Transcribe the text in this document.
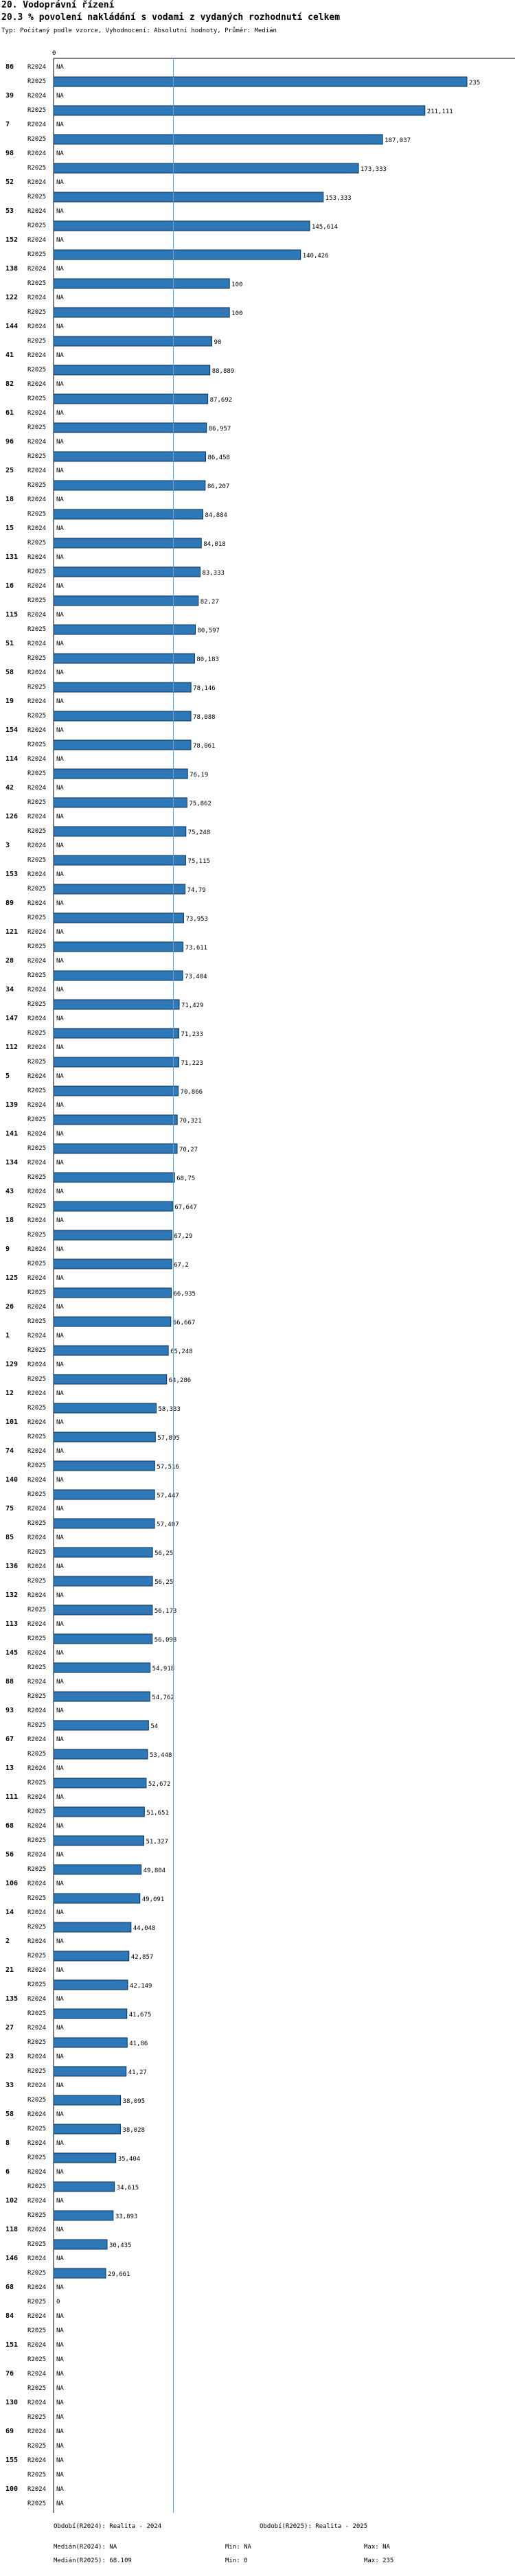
20. Vodoprávní řízení
20.3 % povolení nakládání s vodami z vydaných rozhodnutí celkem
Typ: Počítaný podle vzorce, Vyhodnocení: Absolutní hodnoty, Průměr: Medián
0
86 R2024 NA
R2025	235
39 R2024 NA
R2025	211,111
7	R2024 NA
R2025	187,037
98 R2024 NA
R2025	173,333
52 R2024 NA
R2025	153,333
53 R2024 NA
R2025	145,614
152 R2024 NA
R2025	140,426
138 R2024 NA
R2025	100
122 R2024 NA
R2025	100
144 R2024 NA
R2025	90
41 R2024 NA
R2025	88,889
82 R2024 NA
R2025	87,692
61 R2024 NA
R2025	86,957
96 R2024 NA
R2025	86,458
25 R2024 NA
R2025	86,207
18 R2024 NA
R2025	84,884
15 R2024 NA
R2025	84,018
131 R2024 NA
R2025	83,333
16 R2024 NA
R2025	82,27
115 R2024 NA
R2025	80,597
51 R2024 NA
R2025	80,183
58 R2024 NA
R2025	78,146
19 R2024 NA
R2025	78,088
154 R2024 NA
R2025	78,061
114 R2024 NA
R2025	76,19
42 R2024 NA
R2025	75,862
126 R2024 NA
R2025	75,248
3	R2024 NA
R2025	75,115
153 R2024 NA
R2025	74,79
89 R2024 NA
R2025	73,953
121 R2024 NA
R2025	73,611
28 R2024 NA
R2025	73,404
34 R2024 NA
R2025	71,429
147 R2024 NA
R2025	71,233
112 R2024 NA
R2025	71,223
5	R2024 NA
R2025	70,866
139 R2024 NA
R2025	70,321
141 R2024 NA
R2025	70,27
134 R2024 NA
R2025	68,75
43 R2024 NA
R2025	67,647
18 R2024 NA
R2025	67,29
9	R2024 NA
R2025	67,2
125 R2024 NA
R2025	66,935
26 R2024 NA
R2025	66,667
1	R2024 NA
R2025	65,248
129 R2024 NA
R2025	64,286
12 R2024 NA
R2025	58,333
101 R2024 NA
R2025	57,895
74 R2024 NA
R2025	57,516
140 R2024 NA
R2025	57,447
75 R2024 NA
R2025	57,407
85 R2024 NA
R2025	56,25
136 R2024 NA
R2025	56,25
132 R2024 NA
R2025	56,173
113 R2024 NA
R2025	56,098
145 R2024 NA
R2025	54,918
88 R2024 NA
R2025	54,762
93 R2024 NA
R2025	54
67 R2024 NA
R2025	53,448
13 R2024 NA
R2025	52,672
111 R2024 NA
R2025	51,651
68 R2024 NA
R2025	51,327
56 R2024 NA
R2025	49,804
106 R2024 NA
R2025	49,091
14 R2024 NA
R2025	44,048
2	R2024 NA
R2025	42,857
21 R2024 NA
R2025	42,149
135 R2024 NA
R2025	41,675
27 R2024 NA
R2025	41,86
23 R2024 NA
R2025	41,27
33 R2024 NA
R2025	38,095
58 R2024 NA
R2025	38,028
8	R2024 NA
R2025	35,404
6	R2024 NA
R2025	34,615
102 R2024 NA
R2025	33,893
118 R2024 NA
R2025	30,435
146 R2024 NA
R2025	29,661
68 R2024 NA
R2025 0
84 R2024 NA
R2025 NA
151 R2024 NA
R2025 NA
76 R2024 NA
R2025 NA
130 R2024 NA
R2025 NA
69 R2024 NA
R2025 NA
155 R2024 NA
R2025 NA
100 R2024 NA
R2025 NA
Období(R2024): Realita - 2024	Období(R2025): Realita - 2025
Medián(R2024): NA	Min: NA	Max: NA
Medián(R2025): 68.109	Min: 0	Max: 235
